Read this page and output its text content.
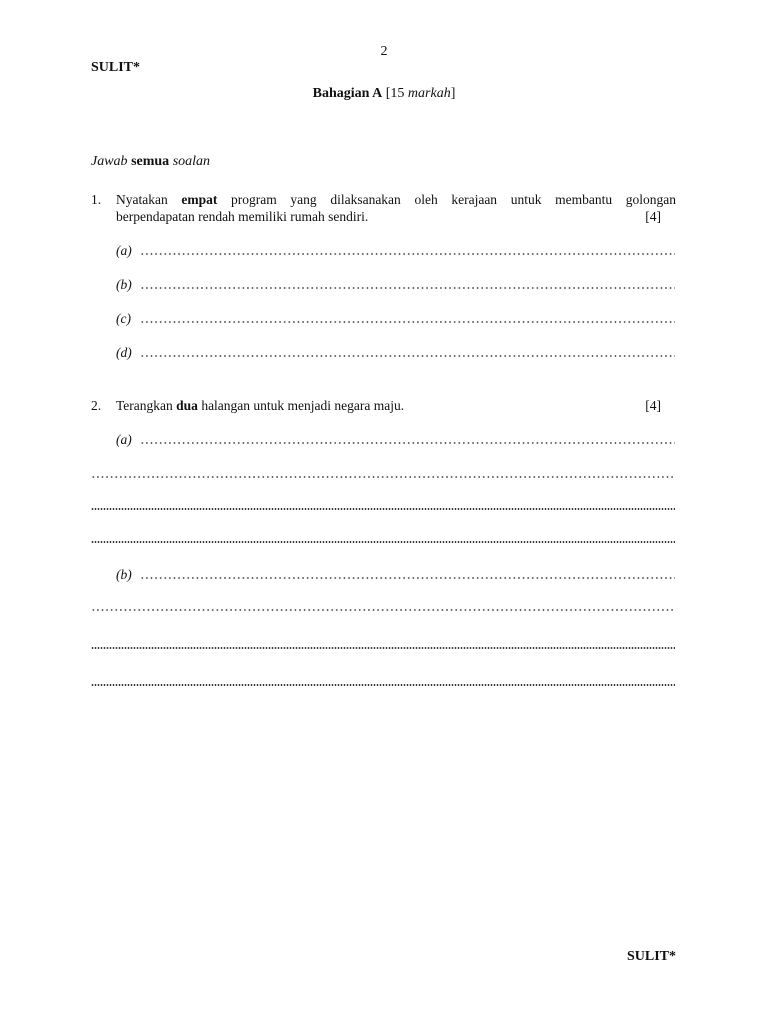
2
SULIT*
Bahagian A [15 markah]
Jawab semua soalan
1. Nyatakan empat program yang dilaksanakan oleh kerajaan untuk membantu golongan
berpendapatan rendah memiliki rumah sendiri.	[4]
(a)
(b)
(c)
(d)
2. Terangkan dua halangan untuk menjadi negara maju.	[4]
(a)
(b)
SULIT*
